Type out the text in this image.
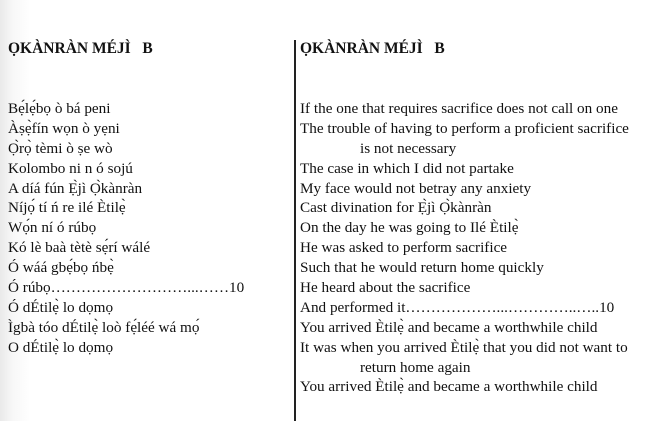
ỌKÀNRÀN MÉJÌ   B
Bẹ́lẹ́bọ ò bá peni
Àṣẹ̀fín wọn ò yẹni
Ọ̀rọ̀ tèmi ò ṣe wò
Kolombo ni n ó sojú
A díá fún Ẹ̀jì Ọ̀kànràn
Níjọ́ tí ń re ilé Ètilẹ̀
Wọ́n ní ó rúbọ
Kó lè baà tètè sẹ́rí wálé
Ó wáá gbẹ́bọ ńbẹ̀
Ó rúbọ………………………...……10
Ó dÉtilẹ̀ lo dọmọ
Ìgbà tóo dÉtilẹ̀ loò fẹ́léé wá mọ́
O dÉtilẹ̀ lo dọmọ
ỌKÀNRÀN MÉJÌ   B
If the one that requires sacrifice does not call on one
The trouble of having to perform a proficient sacrifice
is not necessary
The case in which I did not partake
My face would not betray any anxiety
Cast divination for Ẹ̀jì Ọ̀kànràn
On the day he was going to Ilé Ètilẹ̀
He was asked to perform sacrifice
Such that he would return home quickly
He heard about the sacrifice
And performed it………………...…………..…..10
You arrived Ètilẹ̀ and became a worthwhile child
It was when you arrived Ètilẹ̀ that you did not want to
return home again
You arrived Ètilẹ̀ and became a worthwhile child
